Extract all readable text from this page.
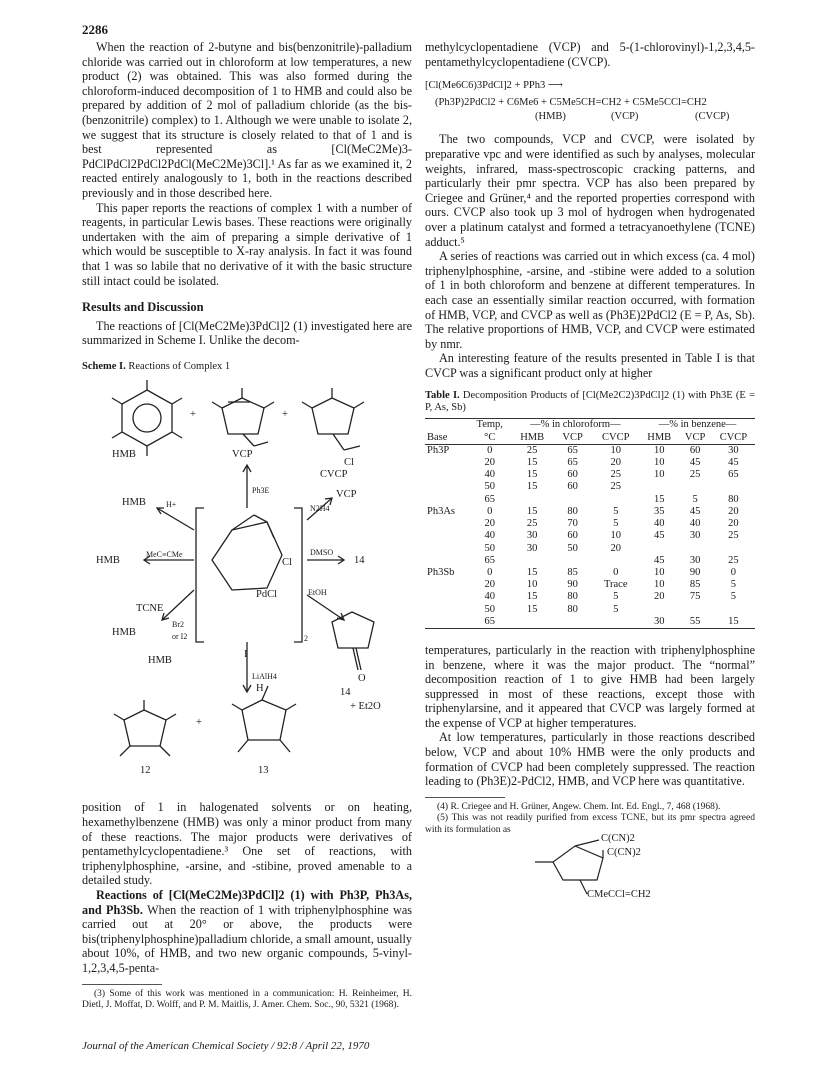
2286

When the reaction of 2-butyne and bis(benzonitrile)-palladium chloride was carried out in chloroform at low temperatures, a new product (2) was obtained. This was also formed during the chloroform-induced decomposition of 1 to HMB and could also be prepared by addition of 2 mol of palladium chloride (as the bis-(benzonitrile) complex) to 1. Although we were unable to isolate 2, we suggest that its structure is closely related to that of 1 and is best represented as [Cl(MeC2Me)3-PdClPdCl2PdCl2PdCl(MeC2Me)3Cl].¹ As far as we examined it, 2 reacted entirely analogously to 1, both in the reactions described previously and in those described here.

This paper reports the reactions of complex 1 with a number of reagents, in particular Lewis bases. These reactions were originally undertaken with the aim of preparing a simple derivative of 1 which would be susceptible to X-ray analysis. In fact it was found that 1 was so labile that no derivative of it with the basic structure still intact could be isolated.

Results and Discussion

The reactions of [Cl(MeC2Me)3PdCl]2 (1) investigated here are summarized in Scheme I. Unlike the decom-

Scheme I. Reactions of Complex 1
HMB
+	+
VCP
Cl
CVCP
Ph3E
N2H4
VCP
HMB	H+
HMB
MeC≡CMe
Cl
PdCl
2
DMSO
14
EtOH
TCNE
HMB
Br2
or I2
I
LiAlH4
HMB
H
O
14
+ Et2O
+
12	13

position of 1 in halogenated solvents or on heating, hexamethylbenzene (HMB) was only a minor product from many of these reactions. The major products were derivatives of pentamethylcyclopentadiene.³ One set of reactions, with triphenylphosphine, -arsine, and -stibine, proved amenable to a detailed study.

Reactions of [Cl(MeC2Me)3PdCl]2 (1) with Ph3P, Ph3As, and Ph3Sb. When the reaction of 1 with triphenylphosphine was carried out at 20° or above, the products were bis(triphenylphosphine)palladium chloride, a small amount, usually about 10%, of HMB, and two new organic compounds, 5-vinyl-1,2,3,4,5-penta-

(3) Some of this work was mentioned in a communication: H. Reinheimer, H. Dietl, J. Moffat, D. Wolff, and P. M. Maitlis, J. Amer. Chem. Soc., 90, 5321 (1968).

methylcyclopentadiene (VCP) and 5-(1-chlorovinyl)-1,2,3,4,5-pentamethylcyclopentadiene (CVCP).

[Cl(Me6C6)3PdCl]2 + PPh3 ⟶
(Ph3P)2PdCl2 + C6Me6 + C5Me5CH=CH2 + C5Me5CCl=CH2
(HMB)	(VCP)	(CVCP)

The two compounds, VCP and CVCP, were isolated by preparative vpc and were identified as such by analyses, molecular weights, infrared, mass-spectroscopic cracking patterns, and particularly their pmr spectra. VCP has also been prepared by Criegee and Grüner,⁴ and the reported properties correspond with ours. CVCP also took up 3 mol of hydrogen when hydrogenated over a platinum catalyst and formed a tetracyanoethylene (TCNE) adduct.⁵

A series of reactions was carried out in which excess (ca. 4 mol) triphenylphosphine, -arsine, and -stibine were added to a solution of 1 in both chloroform and benzene at different temperatures. In each case an essentially similar reaction occurred, with formation of HMB, VCP, and CVCP as well as (Ph3E)2PdCl2 (E = P, As, Sb). The relative proportions of HMB, VCP, and CVCP were estimated by nmr.

An interesting feature of the results presented in Table I is that CVCP was a significant product only at higher

Table I. Decomposition Products of [Cl(Me2C2)3PdCl]2 (1) with Ph3E (E = P, As, Sb)
	Temp,	—% in chloroform—			—% in benzene—		
Base	°C	HMB	VCP	CVCP	HMB	VCP	CVCP
Ph3P	0	25	65	10	10	60	30
	20	15	65	20	10	45	45
	40	15	60	25	10	25	65
	50	15	60	25			
	65				15	5	80
Ph3As	0	15	80	5	35	45	20
	20	25	70	5	40	40	20
	40	30	60	10	45	30	25
	50	30	50	20			
	65				45	30	25
Ph3Sb	0	15	85	0	10	90	0
	20	10	90	Trace	10	85	5
	40	15	80	5	20	75	5
	50	15	80	5			
	65				30	55	15

temperatures, particularly in the reaction with triphenylphosphine in benzene, where it was the major product. The “normal” decomposition reaction of 1 to give HMB had been largely suppressed in most of these reactions, except those with triphenylarsine, and it appeared that CVCP was largely formed at the expense of VCP at higher temperatures.

At low temperatures, particularly in those reactions described below, VCP and about 10% HMB were the only products and formation of CVCP had been completely suppressed. The reaction leading to (Ph3E)2-PdCl2, HMB, and VCP here was quantitative.

(4) R. Criegee and H. Grüner, Angew. Chem. Int. Ed. Engl., 7, 468 (1968).

(5) This was not readily purified from excess TCNE, but its pmr spectra agreed with its formulation as

C(CN)2
C(CN)2
CMeCCl=CH2
Journal of the American Chemical Society / 92:8 / April 22, 1970
